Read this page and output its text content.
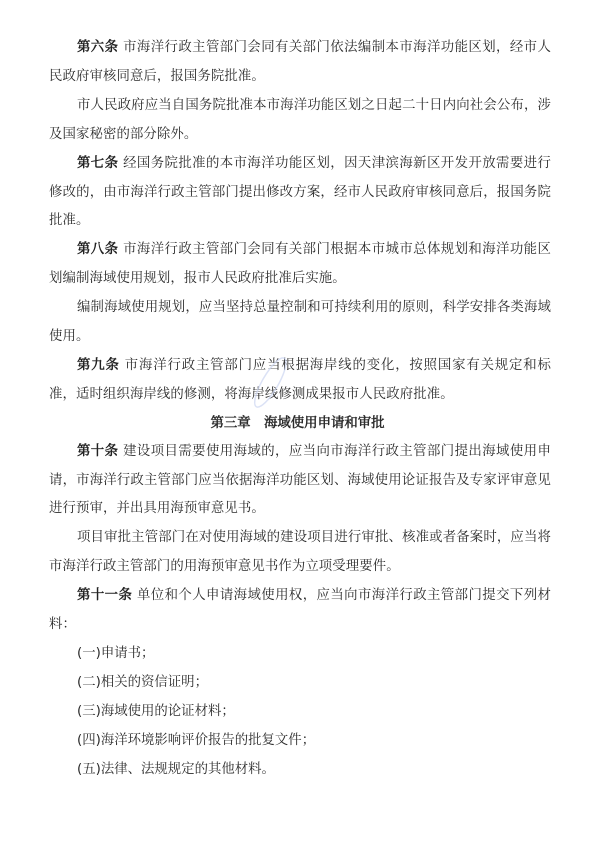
第六条 市海洋行政主管部门会同有关部门依法编制本市海洋功能区划，经市人民政府审核同意后，报国务院批准。

市人民政府应当自国务院批准本市海洋功能区划之日起二十日内向社会公布，涉及国家秘密的部分除外。

第七条 经国务院批准的本市海洋功能区划，因天津滨海新区开发开放需要进行修改的，由市海洋行政主管部门提出修改方案，经市人民政府审核同意后，报国务院批准。

第八条 市海洋行政主管部门会同有关部门根据本市城市总体规划和海洋功能区划编制海域使用规划，报市人民政府批准后实施。

编制海域使用规划，应当坚持总量控制和可持续利用的原则，科学安排各类海域使用。

第九条 市海洋行政主管部门应当根据海岸线的变化，按照国家有关规定和标准，适时组织海岸线的修测，将海岸线修测成果报市人民政府批准。

第三章　海域使用申请和审批

第十条 建设项目需要使用海域的，应当向市海洋行政主管部门提出海域使用申请，市海洋行政主管部门应当依据海洋功能区划、海域使用论证报告及专家评审意见进行预审，并出具用海预审意见书。

项目审批主管部门在对使用海域的建设项目进行审批、核准或者备案时，应当将市海洋行政主管部门的用海预审意见书作为立项受理要件。

第十一条 单位和个人申请海域使用权，应当向市海洋行政主管部门提交下列材料：

(一)申请书；

(二)相关的资信证明；

(三)海域使用的论证材料；

(四)海洋环境影响评价报告的批复文件；

(五)法律、法规规定的其他材料。
